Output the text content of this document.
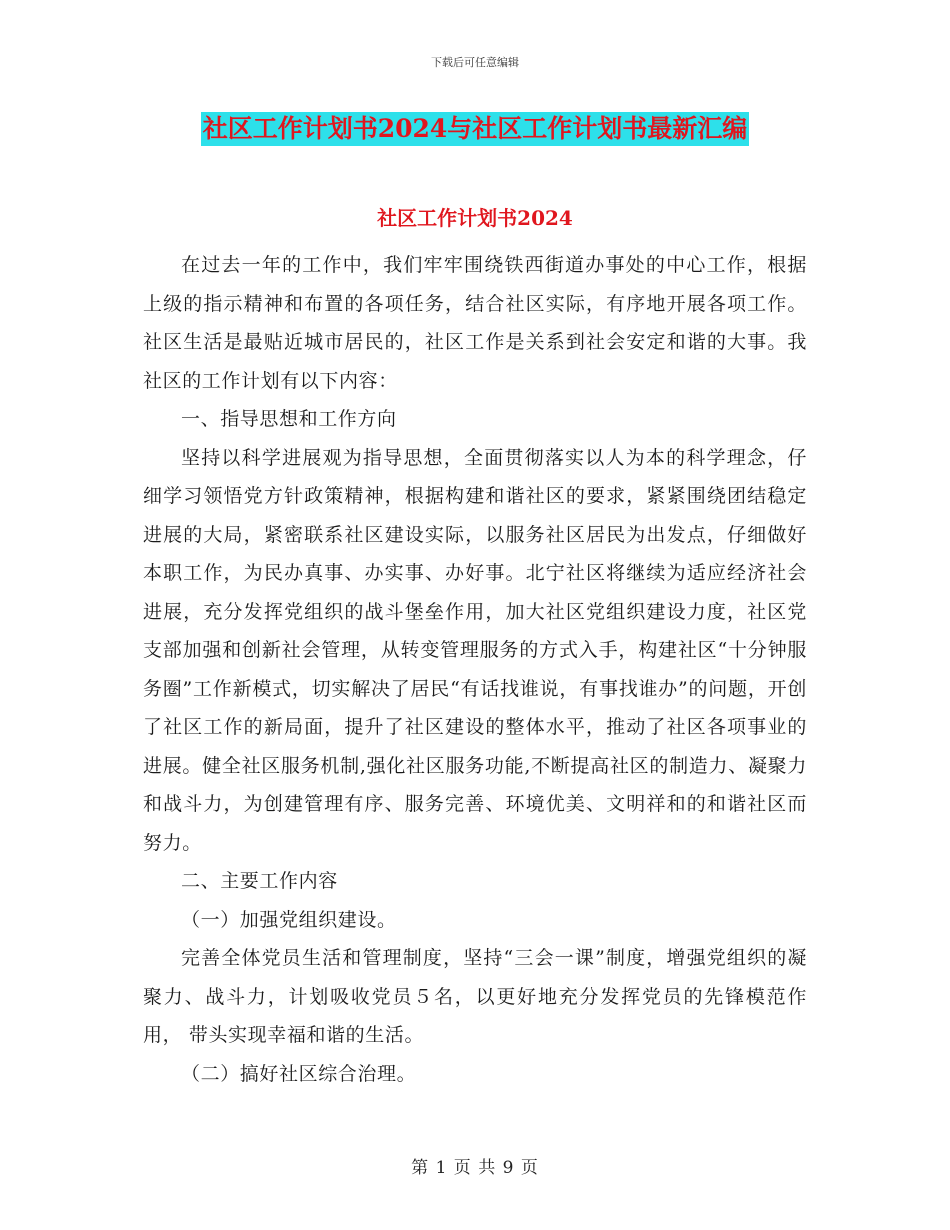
下载后可任意编辑
社区工作计划书2024与社区工作计划书最新汇编
社区工作计划书2024

在过去一年的工作中，我们牢牢围绕铁西街道办事处的中心工作，根据上级的指示精神和布置的各项任务，结合社区实际，有序地开展各项工作。社区生活是最贴近城市居民的，社区工作是关系到社会安定和谐的大事。我社区的工作计划有以下内容：

一、指导思想和工作方向

坚持以科学进展观为指导思想，全面贯彻落实以人为本的科学理念，仔细学习领悟党方针政策精神，根据构建和谐社区的要求，紧紧围绕团结稳定进展的大局，紧密联系社区建设实际，以服务社区居民为出发点，仔细做好本职工作，为民办真事、办实事、办好事。北宁社区将继续为适应经济社会进展，充分发挥党组织的战斗堡垒作用，加大社区党组织建设力度，社区党支部加强和创新社会管理，从转变管理服务的方式入手，构建社区“十分钟服务圈”工作新模式，切实解决了居民“有话找谁说，有事找谁办”的问题，开创了社区工作的新局面，提升了社区建设的整体水平，推动了社区各项事业的进展。健全社区服务机制,强化社区服务功能,不断提高社区的制造力、凝聚力和战斗力，为创建管理有序、服务完善、环境优美、文明祥和的和谐社区而努力。

二、主要工作内容

（一）加强党组织建设。

完善全体党员生活和管理制度，坚持“三会一课”制度，增强党组织的凝聚力、战斗力，计划吸收党员５名，以更好地充分发挥党员的先锋模范作用， 带头实现幸福和谐的生活。

（二）搞好社区综合治理。

第 1 页 共 9 页
